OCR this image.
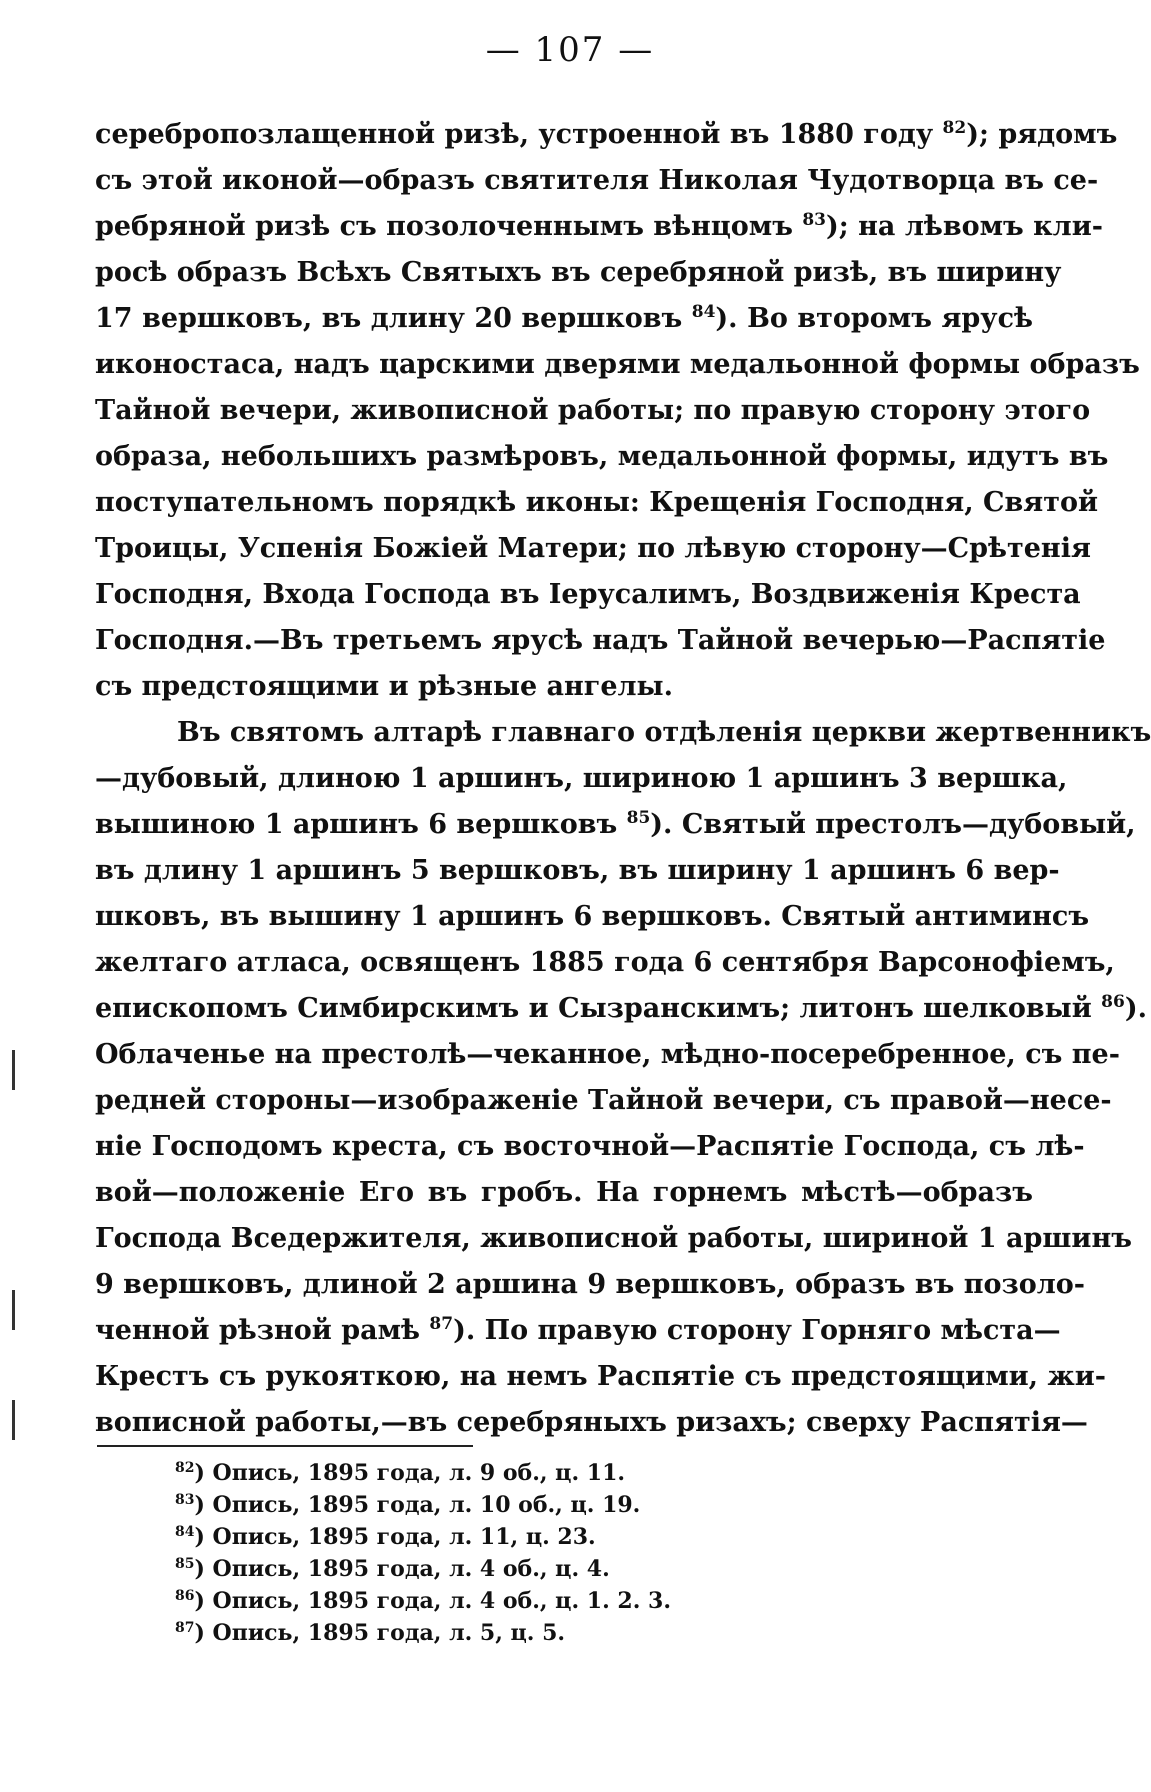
— 107 —
серебропозлащенной ризѣ, устроенной въ 1880 году $^{82}$); рядомъ
съ этой иконой—образъ святителя Николая Чудотворца въ се-
ребряной ризѣ съ позолоченнымъ вѣнцомъ $^{83}$); на лѣвомъ кли-
росѣ образъ Всѣхъ Святыхъ въ серебряной ризѣ, въ ширину
17 вершковъ, въ длину 20 вершковъ $^{84}$). Во второмъ ярусѣ
иконостаса, надъ царскими дверями медальонной формы образъ
Тайной вечери, живописной работы; по правую сторону этого
образа, небольшихъ размѣровъ, медальонной формы, идутъ въ
поступательномъ порядкѣ иконы: Крещенія Господня, Святой
Троицы, Успенія Божіей Матери; по лѣвую сторону—Срѣтенія
Господня, Входа Господа въ Іерусалимъ, Воздвиженія Креста
Господня.—Въ третьемъ ярусѣ надъ Тайной вечерью—Распятіе
съ предстоящими и рѣзные ангелы.
Въ святомъ алтарѣ главнаго отдѣленія церкви жертвенникъ
—дубовый, длиною 1 аршинъ, шириною 1 аршинъ 3 вершка,
вышиною 1 аршинъ 6 вершковъ $^{85}$). Святый престолъ—дубовый,
въ длину 1 аршинъ 5 вершковъ, въ ширину 1 аршинъ 6 вер-
шковъ, въ вышину 1 аршинъ 6 вершковъ. Святый антиминсъ
желтаго атласа, освященъ 1885 года 6 сентября Варсонофіемъ,
епископомъ Симбирскимъ и Сызранскимъ; литонъ шелковый $^{86}$).
Облаченье на престолѣ—чеканное, мѣдно-посеребренное, съ пе-
редней стороны—изображеніе Тайной вечери, съ правой—несе-
ніе Господомъ креста, съ восточной—Распятіе Господа, съ лѣ-
вой—положеніе Его въ гробъ. На горнемъ мѣстѣ—образъ
Господа Вседержителя, живописной работы, шириной 1 аршинъ
9 вершковъ, длиной 2 аршина 9 вершковъ, образъ въ позоло-
ченной рѣзной рамѣ $^{87}$). По правую сторону Горняго мѣста—
Крестъ съ рукояткою, на немъ Распятіе съ предстоящими, жи-
вописной работы,—въ серебряныхъ ризахъ; сверху Распятія—
$^{82}$) Опись, 1895 года, л. 9 об., ц. 11.
$^{83}$) Опись, 1895 года, л. 10 об., ц. 19.
$^{84}$) Опись, 1895 года, л. 11, ц. 23.
$^{85}$) Опись, 1895 года, л. 4 об., ц. 4.
$^{86}$) Опись, 1895 года, л. 4 об., ц. 1. 2. 3.
$^{87}$) Опись, 1895 года, л. 5, ц. 5.
